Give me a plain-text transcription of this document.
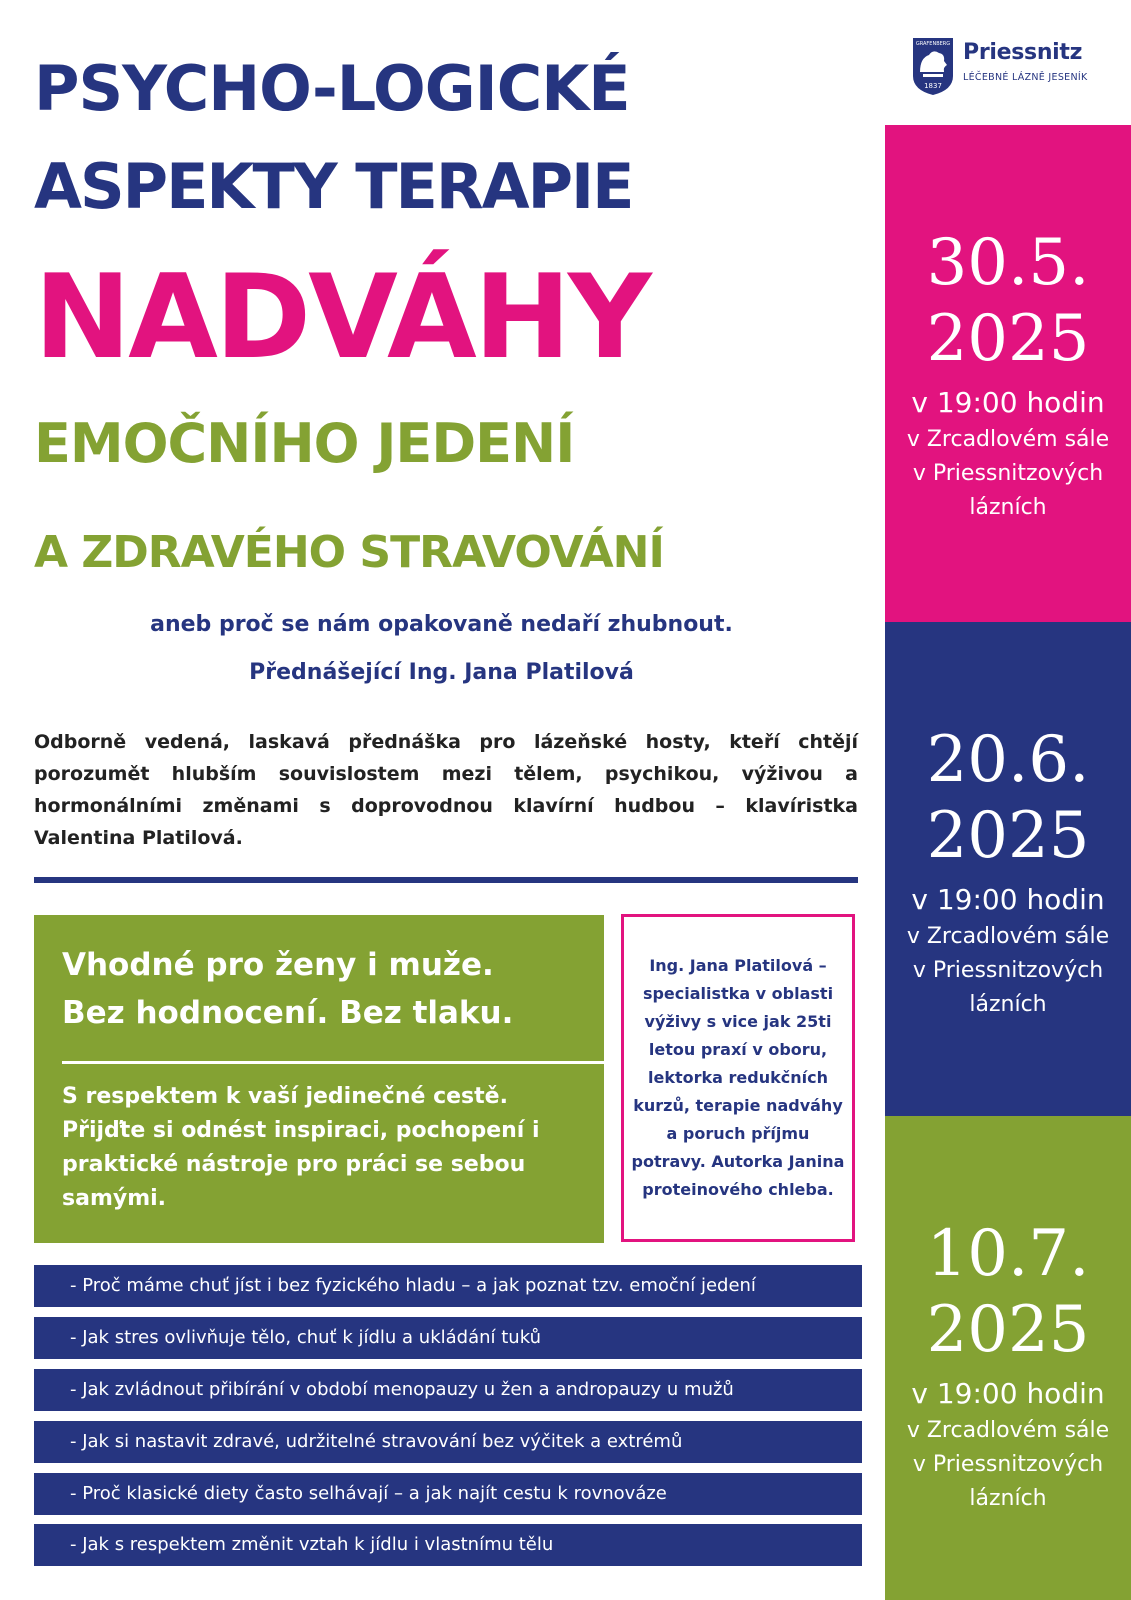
GRAFENBERG
1837
Priessnitz
LÉČEBNÉ LÁZNĚ JESENÍK
PSYCHO-LOGICKÉ
ASPEKTY TERAPIE
NADVÁHY
EMOČNÍHO JEDENÍ
A ZDRAVÉHO STRAVOVÁNÍ
aneb proč se nám opakovaně nedaří zhubnout.
Přednášející Ing. Jana Platilová
Odborně vedená, laskavá přednáška pro lázeňské hosty, kteří chtějí porozumět hlubším souvislostem mezi tělem, psychikou, výživou a hormonálními změnami s doprovodnou klavírní hudbou – klavíristka Valentina Platilová.
Vhodné pro ženy i muže.
Bez hodnocení. Bez tlaku.
S respektem k vaší jedinečné cestě. Přijďte si odnést inspiraci, pochopení i praktické nástroje pro práci se sebou samými.
Ing. Jana Platilová – specialistka v oblasti výživy s vice jak 25ti letou praxí v oboru, lektorka redukčních kurzů, terapie nadváhy a poruch příjmu potravy. Autorka Janina proteinového chleba.
- Proč máme chuť jíst i bez fyzického hladu – a jak poznat tzv. emoční jedení
- Jak stres ovlivňuje tělo, chuť k jídlu a ukládání tuků
- Jak zvládnout přibírání v období menopauzy u žen a andropauzy u mužů
- Jak si nastavit zdravé, udržitelné stravování bez výčitek a extrémů
- Proč klasické diety často selhávají – a jak najít cestu k rovnováze
- Jak s respektem změnit vztah k jídlu i vlastnímu tělu
30.5.
2025
v 19:00 hodin
v Zrcadlovém sále
v Priessnitzových
lázních
20.6.
2025
v 19:00 hodin
v Zrcadlovém sále
v Priessnitzových
lázních
10.7.
2025
v 19:00 hodin
v Zrcadlovém sále
v Priessnitzových
lázních
